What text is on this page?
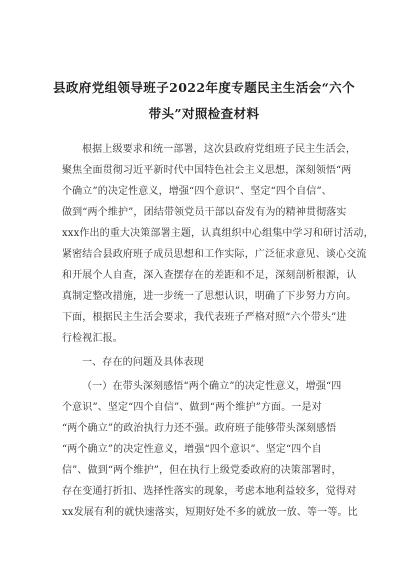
县政府党组领导班子2022年度专题民主生活会“六个
带头”对照检查材料
根据上级要求和统一部署，这次县政府党组班子民主生活会，
聚焦全面贯彻习近平新时代中国特色社会主义思想，深刻领悟“两
个确立”的决定性意义，增强“四个意识”、坚定“四个自信”、
做到“两个维护”，团结带领党员干部以奋发有为的精神贯彻落实
xxx作出的重大决策部署主题，认真组织中心组集中学习和研讨活动，
紧密结合县政府班子成员思想和工作实际，广泛征求意见、谈心交流
和开展个人自查，深入查摆存在的差距和不足，深刻剖析根源，认
真制定整改措施，进一步统一了思想认识，明确了下步努力方向。
下面，根据民主生活会要求，我代表班子严格对照“六个带头”进
行检视汇报。
一、存在的问题及具体表现
（一）在带头深刻感悟“两个确立”的决定性意义，增强“四
个意识”、坚定“四个自信”、做到“两个维护”方面。一是对
“两个确立”的政治执行力还不强。政府班子能够带头深刻感悟
“两个确立”的决定性意义，增强“四个意识”、坚定“四个自
信”、做到“两个维护”，但在执行上级党委政府的决策部署时，
存在变通打折扣、选择性落实的现象，考虑本地利益较多，觉得对
xx发展有利的就快速落实，短期好处不多的就放一放、等一等。比
